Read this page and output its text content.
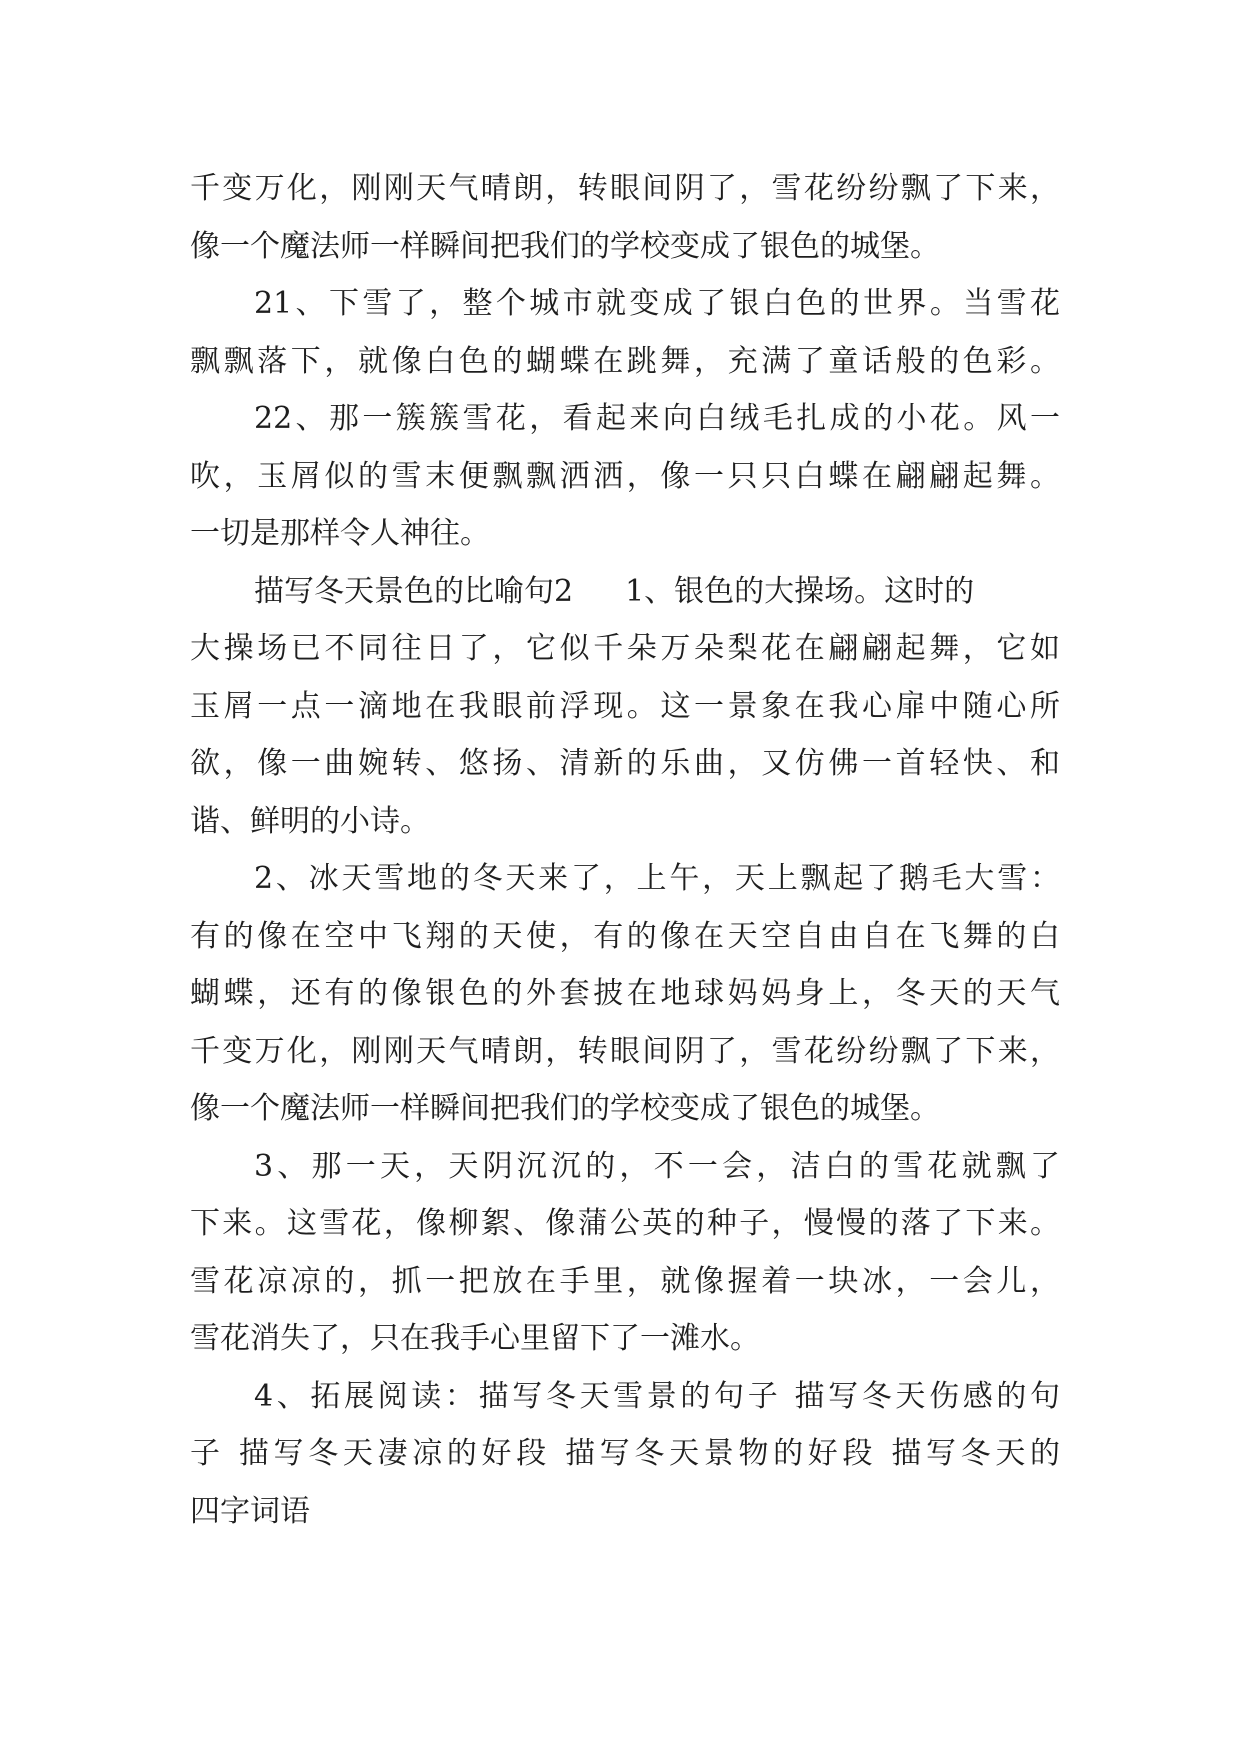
千变万化，刚刚天气晴朗，转眼间阴了，雪花纷纷飘了下来，
像一个魔法师一样瞬间把我们的学校变成了银色的城堡。
21、下雪了，整个城市就变成了银白色的世界。当雪花
飘飘落下，就像白色的蝴蝶在跳舞，充满了童话般的色彩。
22、那一簇簇雪花，看起来向白绒毛扎成的小花。风一
吹，玉屑似的雪末便飘飘洒洒，像一只只白蝶在翩翩起舞。
一切是那样令人神往。
描写冬天景色的比喻句2 1、银色的大操场。这时的
大操场已不同往日了，它似千朵万朵梨花在翩翩起舞，它如
玉屑一点一滴地在我眼前浮现。这一景象在我心扉中随心所
欲，像一曲婉转、悠扬、清新的乐曲，又仿佛一首轻快、和
谐、鲜明的小诗。
2、冰天雪地的冬天来了，上午，天上飘起了鹅毛大雪：
有的像在空中飞翔的天使，有的像在天空自由自在飞舞的白
蝴蝶，还有的像银色的外套披在地球妈妈身上，冬天的天气
千变万化，刚刚天气晴朗，转眼间阴了，雪花纷纷飘了下来，
像一个魔法师一样瞬间把我们的学校变成了银色的城堡。
3、那一天，天阴沉沉的，不一会，洁白的雪花就飘了
下来。这雪花，像柳絮、像蒲公英的种子，慢慢的落了下来。
雪花凉凉的，抓一把放在手里，就像握着一块冰，一会儿，
雪花消失了，只在我手心里留下了一滩水。
4、拓展阅读：描写冬天雪景的句子 描写冬天伤感的句
子 描写冬天凄凉的好段 描写冬天景物的好段 描写冬天的
四字词语
